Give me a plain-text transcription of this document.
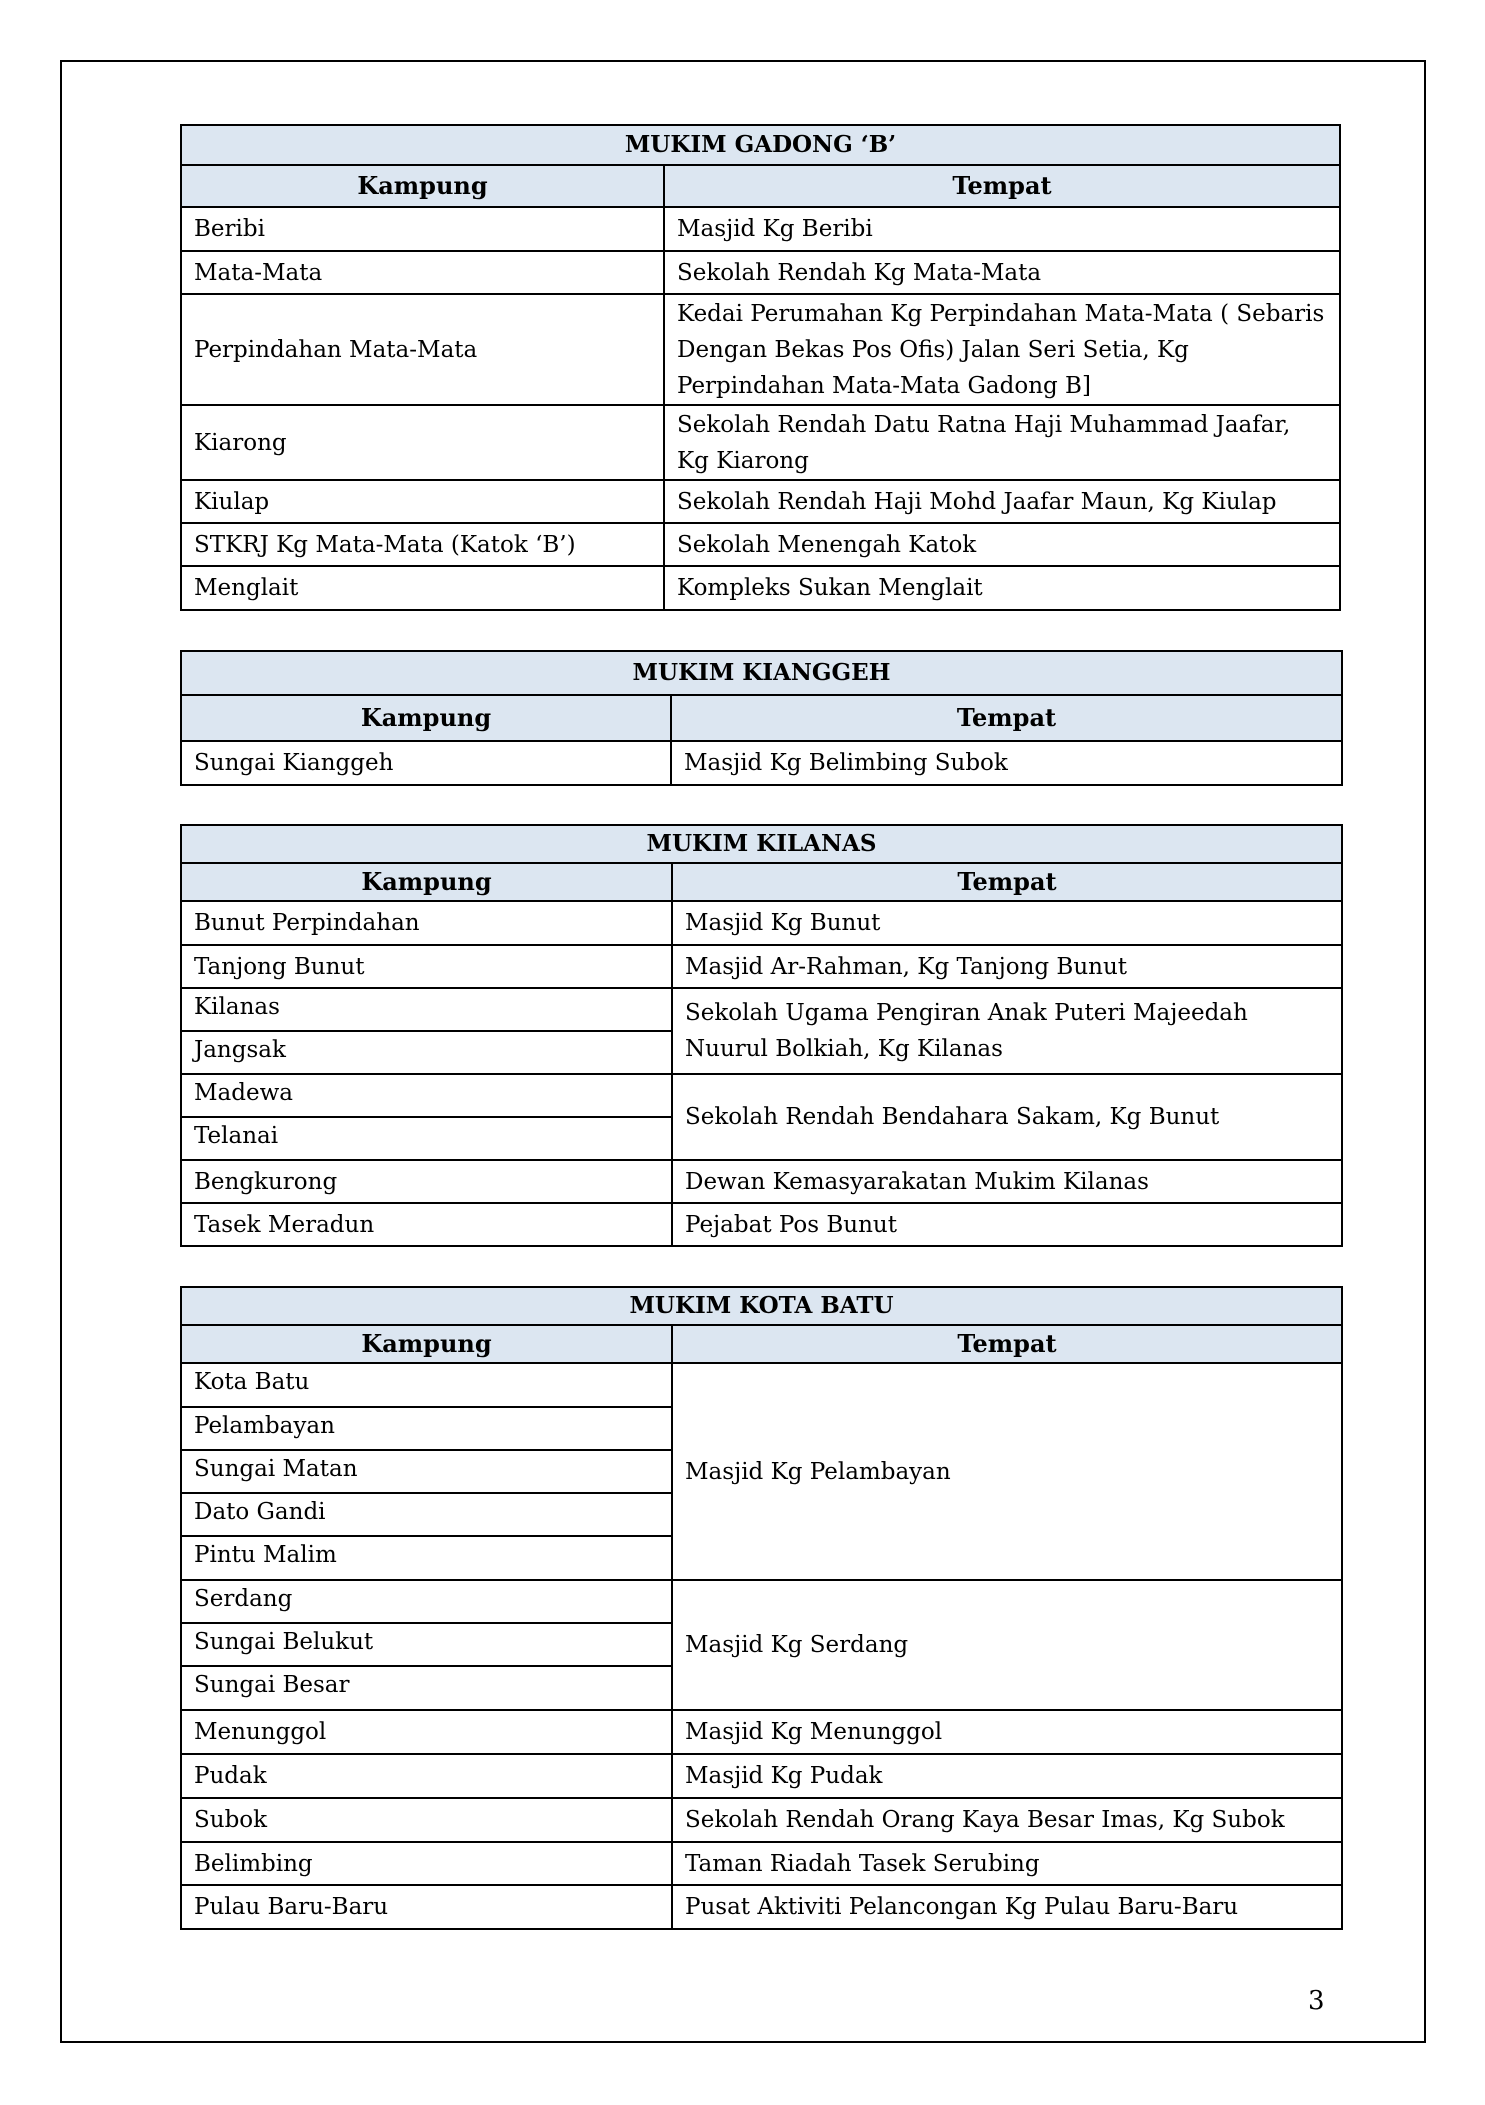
MUKIM GADONG ‘B’	
Kampung	Tempat
Beribi	Masjid Kg Beribi
Mata-Mata	Sekolah Rendah Kg Mata-Mata
Perpindahan Mata-Mata	Kedai Perumahan Kg Perpindahan Mata-Mata ( Sebaris Dengan Bekas Pos Ofis) Jalan Seri Setia, Kg Perpindahan Mata-Mata Gadong B]
Kiarong	Sekolah Rendah Datu Ratna Haji Muhammad Jaafar, Kg Kiarong
Kiulap	Sekolah Rendah Haji Mohd Jaafar Maun, Kg Kiulap
STKRJ Kg Mata-Mata (Katok ‘B’)	Sekolah Menengah Katok
Menglait	Kompleks Sukan Menglait
MUKIM KIANGGEH	
Kampung	Tempat
Sungai Kianggeh	Masjid Kg Belimbing Subok
MUKIM KILANAS	
Kampung	Tempat
Bunut Perpindahan	Masjid Kg Bunut
Tanjong Bunut	Masjid Ar-Rahman, Kg Tanjong Bunut
Kilanas	Sekolah Ugama Pengiran Anak Puteri Majeedah Nuurul Bolkiah, Kg Kilanas
Jangsak	
Madewa	Sekolah Rendah Bendahara Sakam, Kg Bunut
Telanai	
Bengkurong	Dewan Kemasyarakatan Mukim Kilanas
Tasek Meradun	Pejabat Pos Bunut
MUKIM KOTA BATU	
Kampung	Tempat
Kota Batu	Masjid Kg Pelambayan
Pelambayan	
Sungai Matan	
Dato Gandi	
Pintu Malim	
Serdang	Masjid Kg Serdang
Sungai Belukut	
Sungai Besar	
Menunggol	Masjid Kg Menunggol
Pudak	Masjid Kg Pudak
Subok	Sekolah Rendah Orang Kaya Besar Imas, Kg Subok
Belimbing	Taman Riadah Tasek Serubing
Pulau Baru-Baru	Pusat Aktiviti Pelancongan Kg Pulau Baru-Baru
3
